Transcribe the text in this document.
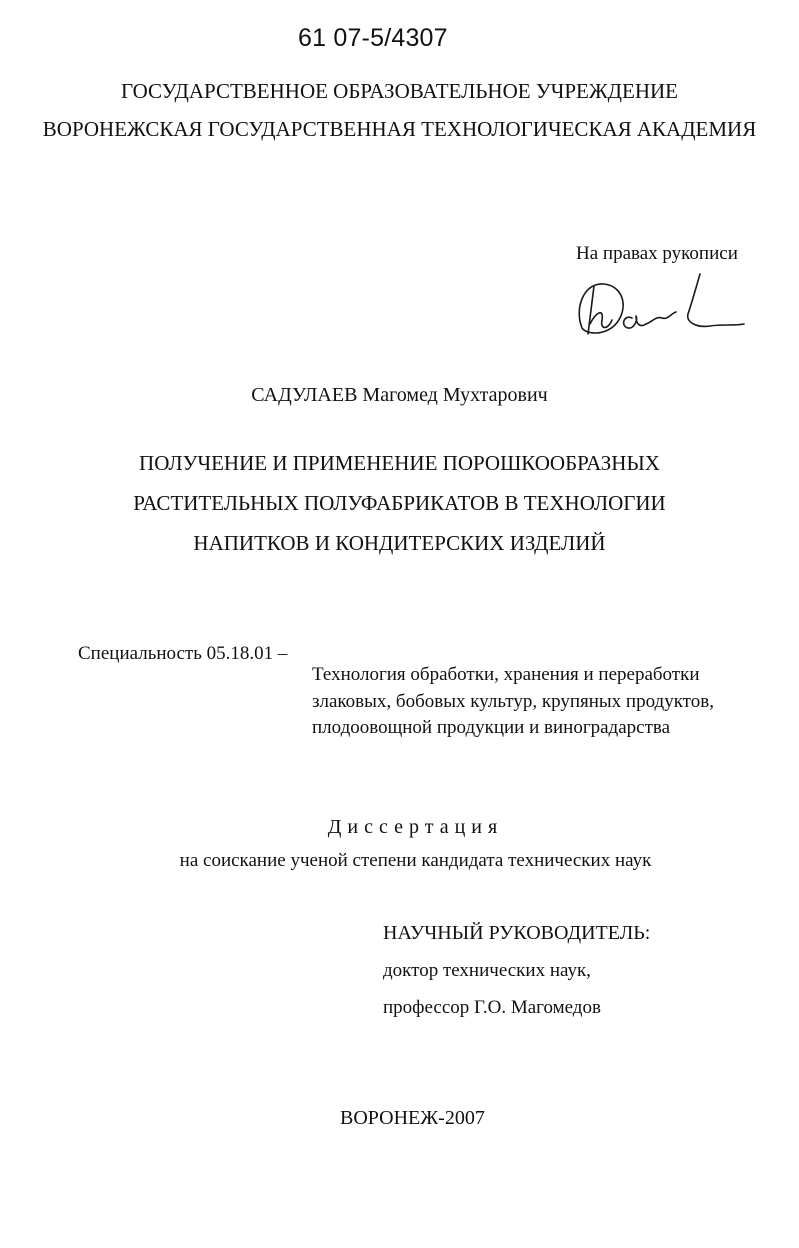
61 07-5/4307
ГОСУДАРСТВЕННОЕ ОБРАЗОВАТЕЛЬНОЕ УЧРЕЖДЕНИЕ
ВОРОНЕЖСКАЯ ГОСУДАРСТВЕННАЯ ТЕХНОЛОГИЧЕСКАЯ АКАДЕМИЯ
На правах рукописи
САДУЛАЕВ Магомед Мухтарович
ПОЛУЧЕНИЕ И ПРИМЕНЕНИЕ ПОРОШКООБРАЗНЫХ
РАСТИТЕЛЬНЫХ ПОЛУФАБРИКАТОВ В ТЕХНОЛОГИИ
НАПИТКОВ И КОНДИТЕРСКИХ ИЗДЕЛИЙ
Специальность 05.18.01 –
Технология обработки, хранения и переработки
злаковых, бобовых культур, крупяных продуктов,
плодоовощной продукции и виноградарства
Диссертация
на соискание ученой степени кандидата технических наук
НАУЧНЫЙ РУКОВОДИТЕЛЬ:
доктор технических наук,
профессор Г.О. Магомедов
ВОРОНЕЖ-2007
